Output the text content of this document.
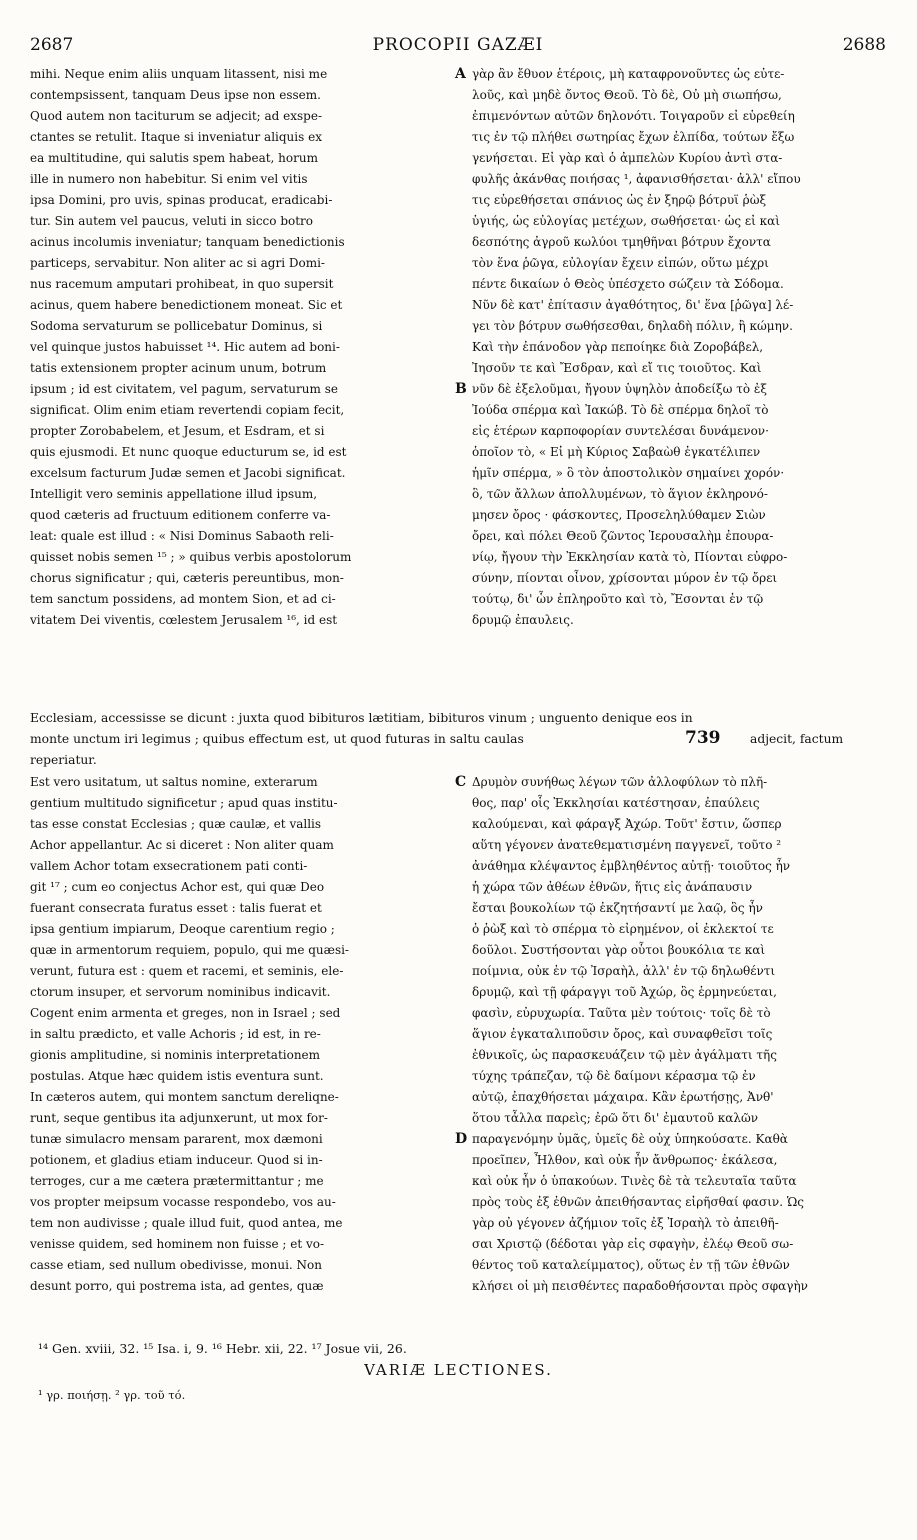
2687	PROCOPII GAZÆI	2688
mihi. Neque enim aliis unquam litassent, nisi me
contempsissent, tanquam Deus ipse non essem.
Quod autem non taciturum se adjecit; ad exspe-
ctantes se retulit. Itaque si inveniatur aliquis ex
ea multitudine, qui salutis spem habeat, horum
ille in numero non habebitur. Si enim vel vitis
ipsa Domini, pro uvis, spinas producat, eradicabi-
tur. Sin autem vel paucus, veluti in sicco botro
acinus incolumis inveniatur; tanquam benedictionis
particeps, servabitur. Non aliter ac si agri Domi-
nus racemum amputari prohibeat, in quo supersit
acinus, quem habere benedictionem moneat. Sic et
Sodoma servaturum se pollicebatur Dominus, si
vel quinque justos habuisset ¹⁴. Hic autem ad boni-
tatis extensionem propter acinum unum, botrum
ipsum ; id est civitatem, vel pagum, servaturum se
significat. Olim enim etiam revertendi copiam fecit,
propter Zorobabelem, et Jesum, et Esdram, et si
quis ejusmodi. Et nunc quoque educturum se, id est
excelsum facturum Judæ semen et Jacobi significat.
Intelligit vero seminis appellatione illud ipsum,
quod cæteris ad fructuum editionem conferre va-
leat: quale est illud : « Nisi Dominus Sabaoth reli-
quisset nobis semen ¹⁵ ; » quibus verbis apostolorum
chorus significatur ; qui, cæteris pereuntibus, mon-
tem sanctum possidens, ad montem Sion, et ad ci-
vitatem Dei viventis, cœlestem Jerusalem ¹⁶, id est
γὰρ ἂν ἔθυον ἑτέροις, μὴ καταφρονοῦντες ὡς εὐτε-
λοῦς, καὶ μηδὲ ὄντος Θεοῦ. Τὸ δὲ, Οὐ μὴ σιωπήσω,
ἐπιμενόντων αὐτῶν δηλονότι. Τοιγαροῦν εἰ εὑρεθείη
τις ἐν τῷ πλήθει σωτηρίας ἔχων ἐλπίδα, τούτων ἔξω
γενήσεται. Εἰ γὰρ καὶ ὁ ἀμπελὼν Κυρίου ἀντὶ στα-
φυλῆς ἀκάνθας ποιήσας ¹, ἀφανισθήσεται· ἀλλ' εἴπου
τις εὑρεθήσεται σπάνιος ὡς ἐν ξηρῷ βότρυϊ ῥὼξ
ὑγιής, ὡς εὐλογίας μετέχων, σωθήσεται· ὡς εἰ καὶ
δεσπότης ἀγροῦ κωλύοι τμηθῆναι βότρυν ἔχοντα
τὸν ἕνα ῥῶγα, εὐλογίαν ἔχειν εἰπών, οὕτω μέχρι
πέντε δικαίων ὁ Θεὸς ὑπέσχετο σώζειν τὰ Σόδομα.
Νῦν δὲ κατ' ἐπίτασιν ἀγαθότητος, δι' ἕνα [ῥῶγα] λέ-
γει τὸν βότρυν σωθήσεσθαι, δηλαδὴ πόλιν, ἢ κώμην.
Καὶ τὴν ἐπάνοδον γὰρ πεποίηκε διὰ Ζοροβάβελ,
Ἰησοῦν τε καὶ Ἔσδραν, καὶ εἴ τις τοιοῦτος. Καὶ
νῦν δὲ ἐξελοῦμαι, ἤγουν ὑψηλὸν ἀποδείξω τὸ ἐξ
Ἰούδα σπέρμα καὶ Ἰακώβ. Τὸ δὲ σπέρμα δηλοῖ τὸ
εἰς ἑτέρων καρποφορίαν συντελέσαι δυνάμενον·
ὁποῖον τὸ, « Εἰ μὴ Κύριος Σαβαὼθ ἐγκατέλιπεν
ἡμῖν σπέρμα, » ὃ τὸν ἀποστολικὸν σημαίνει χορόν·
ὃ, τῶν ἄλλων ἀπολλυμένων, τὸ ἅγιον ἐκληρονό-
μησεν ὄρος · φάσκοντες, Προσεληλύθαμεν Σιὼν
ὄρει, καὶ πόλει Θεοῦ ζῶντος Ἱερουσαλὴμ ἐπουρα-
νίῳ, ἤγουν τὴν Ἐκκλησίαν κατὰ τὸ, Πίονται εὐφρο-
σύνην, πίονται οἶνον, χρίσονται μύρον ἐν τῷ ὄρει
τούτῳ, δι' ὧν ἐπληροῦτο καὶ τὸ, Ἔσονται ἐν τῷ
δρυμῷ ἐπαυλεις.
A
B
C
D
Ecclesiam, accessisse se dicunt : juxta quod bibituros lætitiam, bibituros vinum ; unguento denique eos in
monte unctum iri legimus ; quibus effectum est, ut quod futuras in saltu caulas	739 adjecit, factum
reperiatur.
Est vero usitatum, ut saltus nomine, exterarum
gentium multitudo significetur ; apud quas institu-
tas esse constat Ecclesias ; quæ caulæ, et vallis
Achor appellantur. Ac si diceret : Non aliter quam
vallem Achor totam exsecrationem pati conti-
git ¹⁷ ; cum eo conjectus Achor est, qui quæ Deo
fuerant consecrata furatus esset : talis fuerat et
ipsa gentium impiarum, Deoque carentium regio ;
quæ in armentorum requiem, populo, qui me quæsi-
verunt, futura est : quem et racemi, et seminis, ele-
ctorum insuper, et servorum nominibus indicavit.
Cogent enim armenta et greges, non in Israel ; sed
in saltu prædicto, et valle Achoris ; id est, in re-
gionis amplitudine, si nominis interpretationem
postulas. Atque hæc quidem istis eventura sunt.
In cæteros autem, qui montem sanctum dereliqne-
runt, seque gentibus ita adjunxerunt, ut mox for-
tunæ simulacro mensam pararent, mox dæmoni
potionem, et gladius etiam induceur. Quod si in-
terroges, cur a me cætera prætermittantur ; me
vos propter meipsum vocasse respondebo, vos au-
tem non audivisse ; quale illud fuit, quod antea, me
venisse quidem, sed hominem non fuisse ; et vo-
casse etiam, sed nullum obedivisse, monui. Non
desunt porro, qui postrema ista, ad gentes, quæ
Δρυμὸν συνήθως λέγων τῶν ἀλλοφύλων τὸ πλῆ-
θος, παρ' οἷς Ἐκκλησίαι κατέστησαν, ἐπαύλεις
καλούμεναι, καὶ φάραγξ Ἀχώρ. Τοῦτ' ἔστιν, ὥσπερ
αὕτη γέγονεν ἀνατεθεματισμένη παγγενεῖ, τοῦτο ²
ἀνάθημα κλέψαντος ἐμβληθέντος αὐτῇ· τοιοῦτος ἦν
ἡ χώρα τῶν ἀθέων ἐθνῶν, ἥτις εἰς ἀνάπαυσιν
ἔσται βουκολίων τῷ ἐκζητήσαντί με λαῷ, ὃς ἦν
ὁ ῥὼξ καὶ τὸ σπέρμα τὸ εἰρημένον, οἱ ἐκλεκτοί τε
δοῦλοι. Συστήσονται γὰρ οὗτοι βουκόλια τε καὶ
ποίμνια, οὐκ ἐν τῷ Ἰσραὴλ, ἀλλ' ἐν τῷ δηλωθέντι
δρυμῷ, καὶ τῇ φάραγγι τοῦ Ἀχώρ, ὃς ἑρμηνεύεται,
φασὶν, εὐρυχωρία. Ταῦτα μὲν τούτοις· τοῖς δὲ τὸ
ἅγιον ἐγκαταλιποῦσιν ὄρος, καὶ συναφθεῖσι τοῖς
ἐθνικοῖς, ὡς παρασκευάζειν τῷ μὲν ἀγάλματι τῆς
τύχης τράπεζαν, τῷ δὲ δαίμονι κέρασμα τῷ ἐν
αὐτῷ, ἐπαχθήσεται μάχαιρα. Κἂν ἐρωτήσῃς, Ἀνθ'
ὅτου τἆλλα παρεὶς; ἐρῶ ὅτι δι' ἐμαυτοῦ καλῶν
παραγενόμην ὑμᾶς, ὑμεῖς δὲ οὐχ ὑπηκούσατε. Καθὰ
προεῖπεν, Ἦλθον, καὶ οὐκ ἦν ἄνθρωπος· ἐκάλεσα,
καὶ οὐκ ἦν ὁ ὑπακούων. Τινὲς δὲ τὰ τελευταῖα ταῦτα
πρὸς τοὺς ἐξ ἐθνῶν ἀπειθήσαντας εἰρῆσθαί φασιν. Ὡς
γὰρ οὐ γέγονεν ἀζήμιον τοῖς ἐξ Ἰσραὴλ τὸ ἀπειθῆ-
σαι Χριστῷ (δέδοται γὰρ εἰς σφαγὴν, ἐλέῳ Θεοῦ σω-
θέντος τοῦ καταλείμματος), οὕτως ἐν τῇ τῶν ἐθνῶν
κλήσει οἱ μὴ πεισθέντες παραδοθήσονται πρὸς σφαγὴν
¹⁴ Gen. xviii, 32. ¹⁵ Isa. i, 9. ¹⁶ Hebr. xii, 22. ¹⁷ Josue vii, 26.
VARIÆ LECTIONES.
¹ γρ. ποιήσῃ. ² γρ. τοῦ τό.
